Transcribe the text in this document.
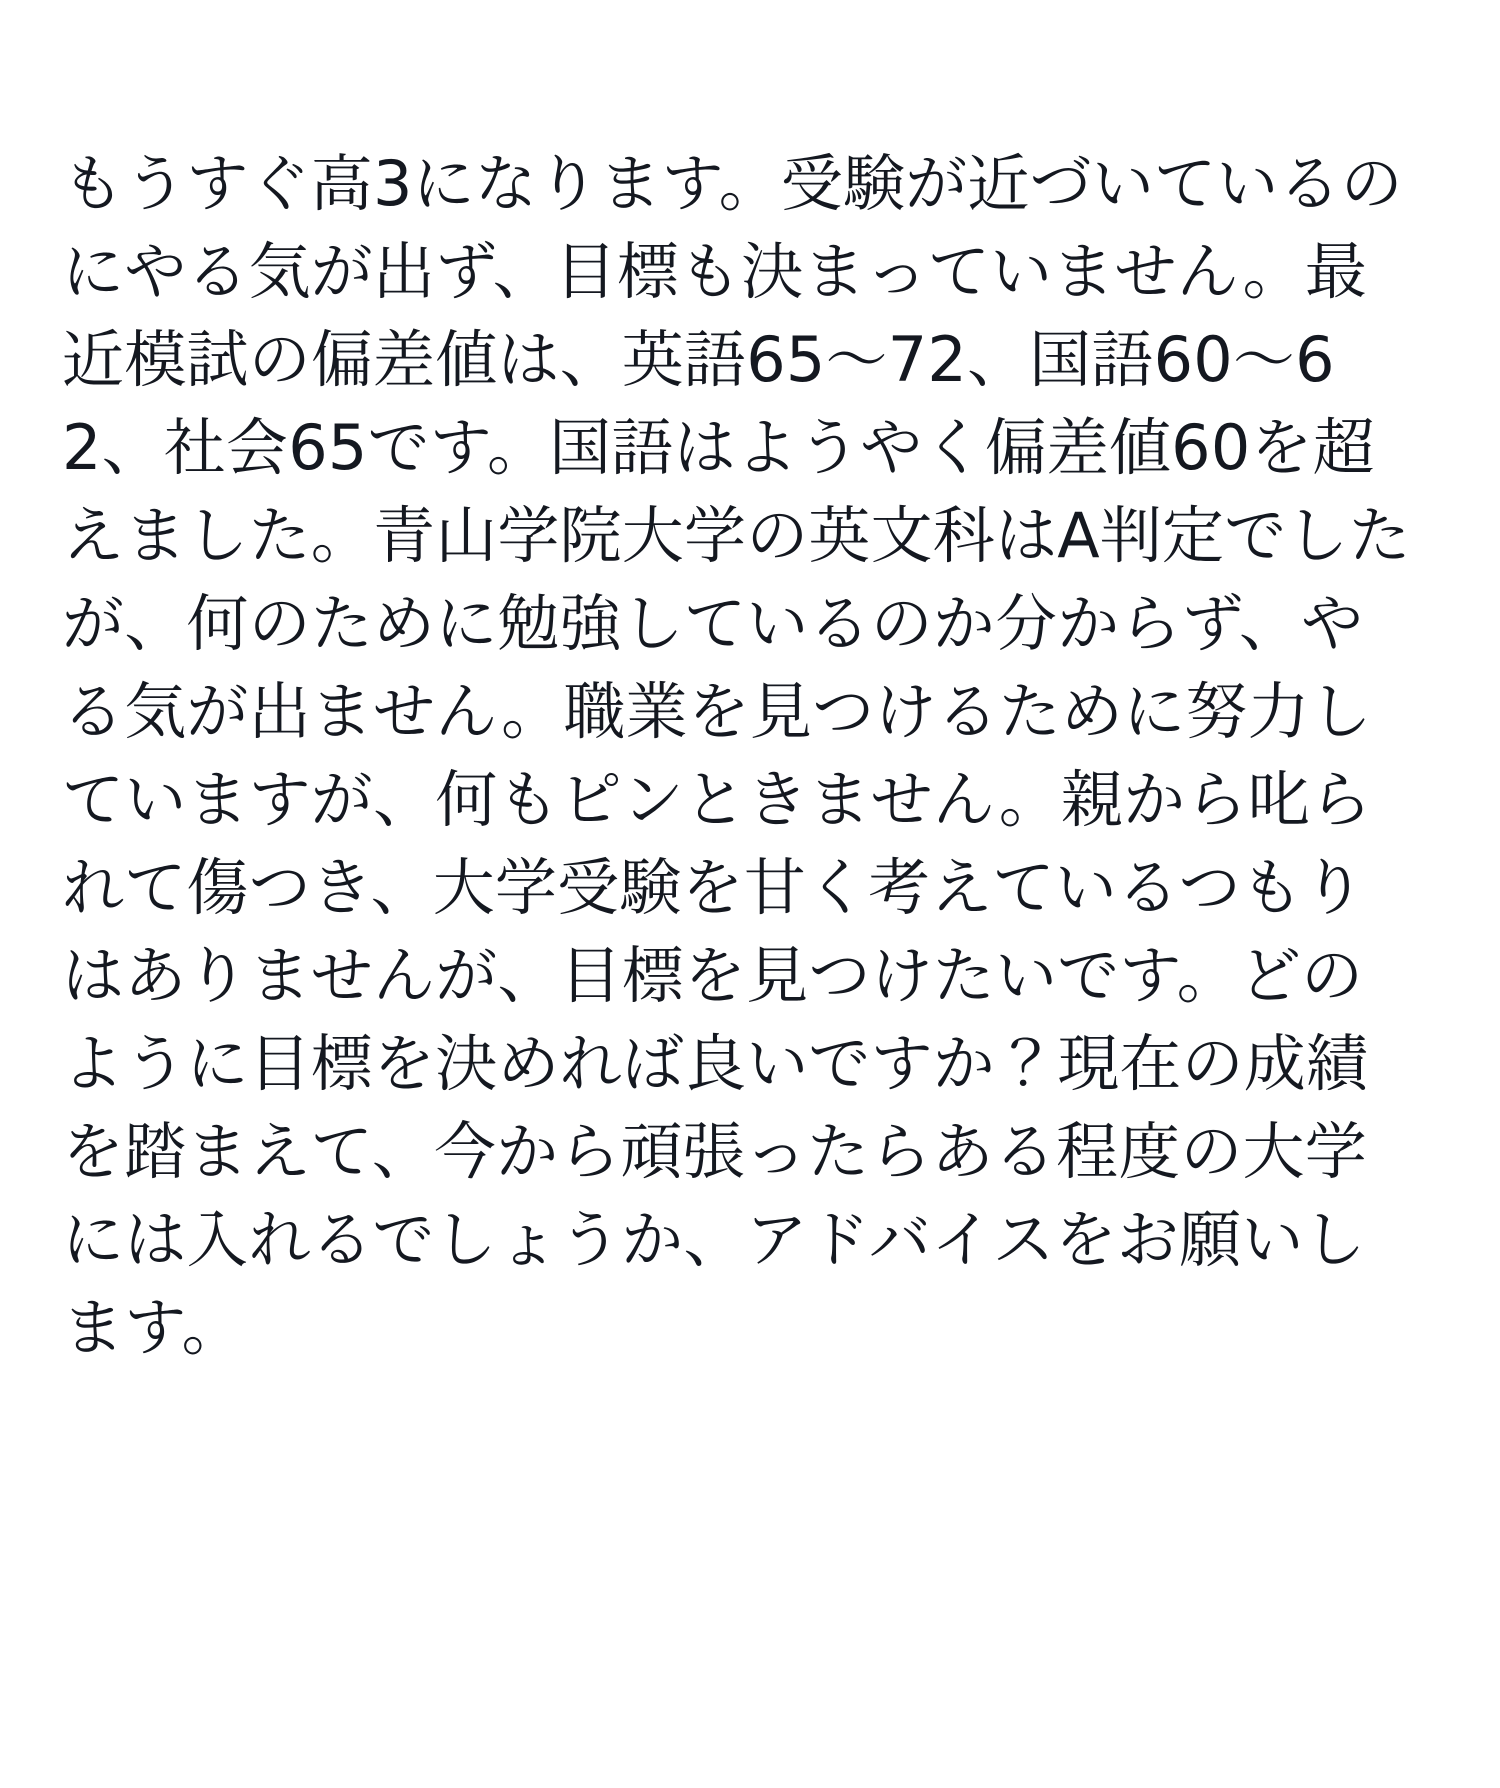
もうすぐ高3になります。受験が近づいているのにやる気が出ず、目標も決まっていません。最近模試の偏差値は、英語65～72、国語60～62、社会65です。国語はようやく偏差値60を超えました。青山学院大学の英文科はA判定でしたが、何のために勉強しているのか分からず、やる気が出ません。職業を見つけるために努力していますが、何もピンときません。親から叱られて傷つき、大学受験を甘く考えているつもりはありませんが、目標を見つけたいです。どのように目標を決めれば良いですか？現在の成績を踏まえて、今から頑張ったらある程度の大学には入れるでしょうか、アドバイスをお願いします。
